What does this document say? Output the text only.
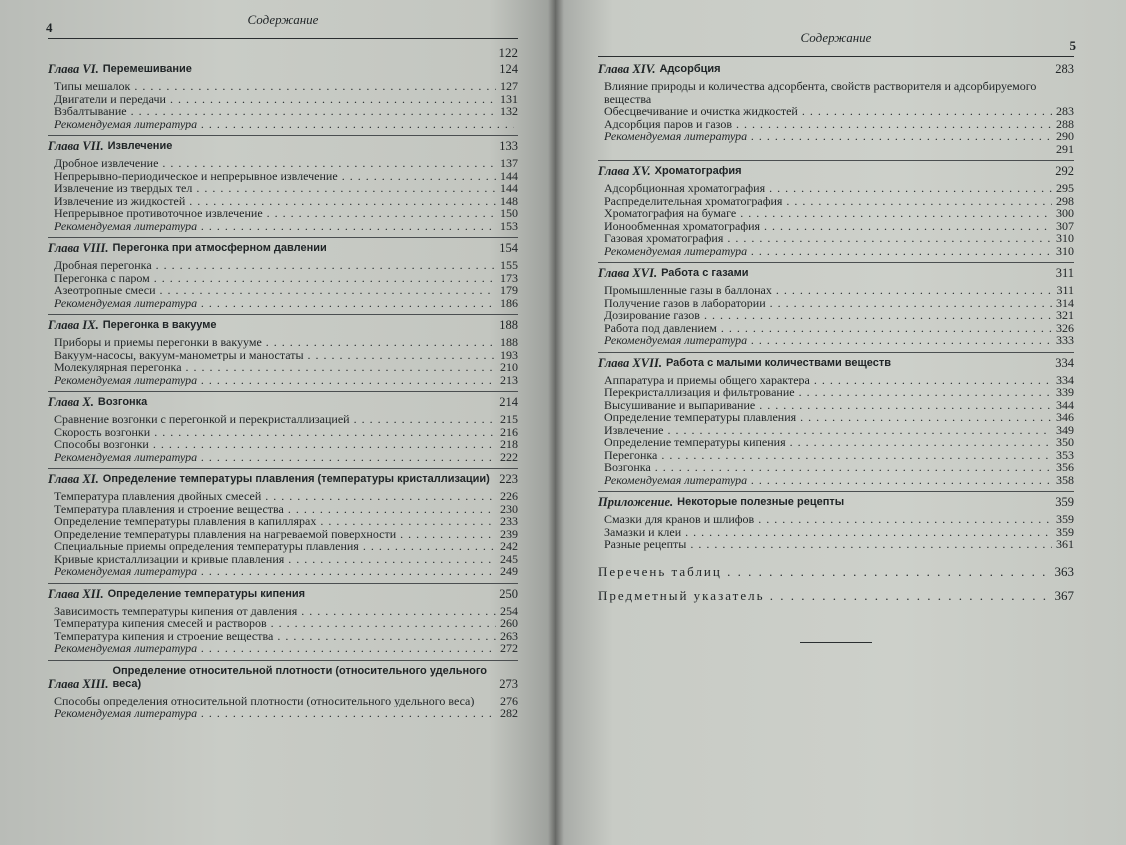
Содержание
4
122
Глава VI. Перемешивание	124
Типы мешалок . . .	127
Двигатели и передачи . . .	131
Взбалтывание . . .	132
Рекомендуемая литература . . .
Глава VII. Извлечение	133
Дробное извлечение . . .	137
Непрерывно-периодическое и непрерывное извлечение . . .	144
Извлечение из твердых тел . . .	144
Извлечение из жидкостей . . .	148
Непрерывное противоточное извлечение . . .	150
Рекомендуемая литература . . .	153
Глава VIII. Перегонка при атмосферном давлении	154
Дробная перегонка . . .	155
Перегонка с паром . . .	173
Азеотропные смеси . . .	179
Рекомендуемая литература . . .	186
Глава IX. Перегонка в вакууме	188
Приборы и приемы перегонки в вакууме . . .	188
Вакуум-насосы, вакуум-манометры и маностаты . . .	193
Молекулярная перегонка . . .	210
Рекомендуемая литература . . .	213
Глава X. Возгонка	214
Сравнение возгонки с перегонкой и перекристаллизацией . . .	215
Скорость возгонки . . .	216
Способы возгонки . . .	218
Рекомендуемая литература . . .	222
Глава XI. Определение температуры плавления (температуры кристаллизации) 223
Температура плавления двойных смесей . . .	226
Температура плавления и строение вещества . . .	230
Определение температуры плавления в капиллярах . . .	233
Определение температуры плавления на нагреваемой поверхности . . .	239
Специальные приемы определения температуры плавления . . .	242
Кривые кристаллизации и кривые плавления . . .	245
Рекомендуемая литература . . .	249
Глава XII. Определение температуры кипения	250
Зависимость температуры кипения от давления . . .	254
Температура кипения смесей и растворов . . .	260
Температура кипения и строение вещества . . .	263
Рекомендуемая литература . . .	272
Глава XIII.
Определение относительной плотности (относительного удельного веса)	273
Способы определения относительной плотности (относительного удельного веса)	276
Рекомендуемая литература . . .	282
Содержание
5
Глава XIV. Адсорбция	283
Влияние природы и количества адсорбента, свойств растворителя и адсорбируемого вещества
Обесцвечивание и очистка жидкостей . . .	283
Адсорбция паров и газов . . .	288
Рекомендуемая литература . . .	290
291
Глава XV. Хроматография	292
Адсорбционная хроматография . . .	295
Распределительная хроматография . . .	298
Хроматография на бумаге . . .	300
Ионообменная хроматография . . .	307
Газовая хроматография . . .	310
Рекомендуемая литература . . .	310
Глава XVI. Работа с газами	311
Промышленные газы в баллонах . . .	311
Получение газов в лаборатории . . .	314
Дозирование газов . . .	321
Работа под давлением . . .	326
Рекомендуемая литература . . .	333
Глава XVII. Работа с малыми количествами веществ	334
Аппаратура и приемы общего характера . . .	334
Перекристаллизация и фильтрование . . .	339
Высушивание и выпаривание . . .	344
Определение температуры плавления . . .	346
Извлечение . . .	349
Определение температуры кипения . . .	350
Перегонка . . .	353
Возгонка . . .	356
Рекомендуемая литература . . .	358
Приложение. Некоторые полезные рецепты	359
Смазки для кранов и шлифов . . .	359
Замазки и клеи . . .	359
Разные рецепты . . .	361
Перечень таблиц . . .	363
Предметный указатель . . .	367
